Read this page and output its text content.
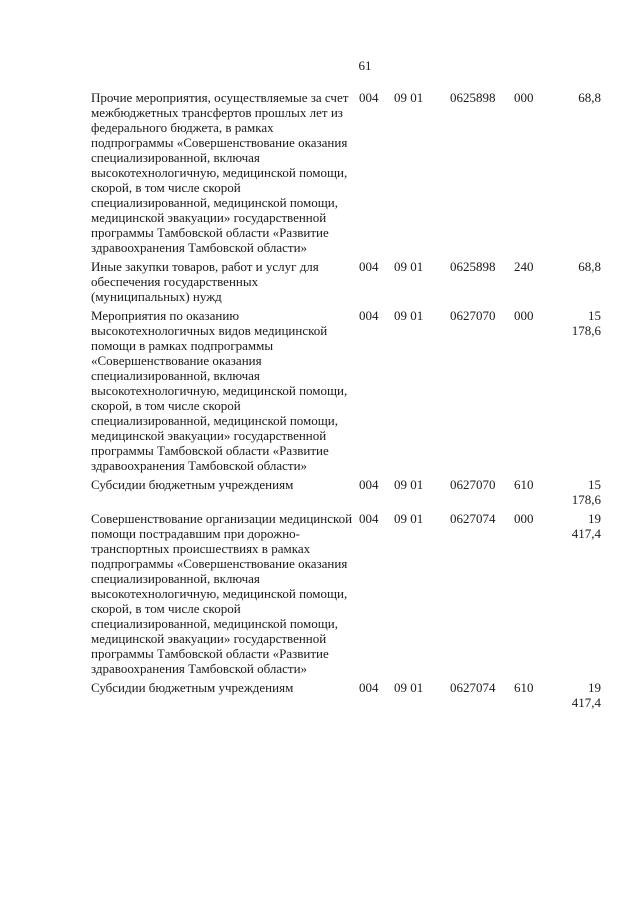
61
Прочие мероприятия, осуществляемые за счет межбюджетных трансфертов прошлых лет из федерального бюджета, в рамках подпрограммы «Совершенствование оказания специализированной, включая высокотехнологичную, медицинской помощи, скорой, в том числе скорой специализированной, медицинской помощи, медицинской эвакуации» государственной программы Тамбовской области «Развитие здравоохранения Тамбовской области»	004	09 01	0625898	000	68,8
Иные закупки товаров, работ и услуг для обеспечения государственных (муниципальных) нужд	004	09 01	0625898	240	68,8
Мероприятия по оказанию высокотехнологичных видов медицинской помощи в рамках подпрограммы «Совершенствование оказания специализированной, включая высокотехнологичную, медицинской помощи, скорой, в том числе скорой специализированной, медицинской помощи, медицинской эвакуации» государственной программы Тамбовской области «Развитие здравоохранения Тамбовской области»	004	09 01	0627070	000	15 178,6
Субсидии бюджетным учреждениям	004	09 01	0627070	610	15 178,6
Совершенствование организации медицинской помощи пострадавшим при дорожно-транспортных происшествиях в рамках подпрограммы «Совершенствование оказания специализированной, включая высокотехнологичную, медицинской помощи, скорой, в том числе скорой специализированной, медицинской помощи, медицинской эвакуации» государственной программы Тамбовской области «Развитие здравоохранения Тамбовской области»	004	09 01	0627074	000	19 417,4
Субсидии бюджетным учреждениям	004	09 01	0627074	610	19 417,4
